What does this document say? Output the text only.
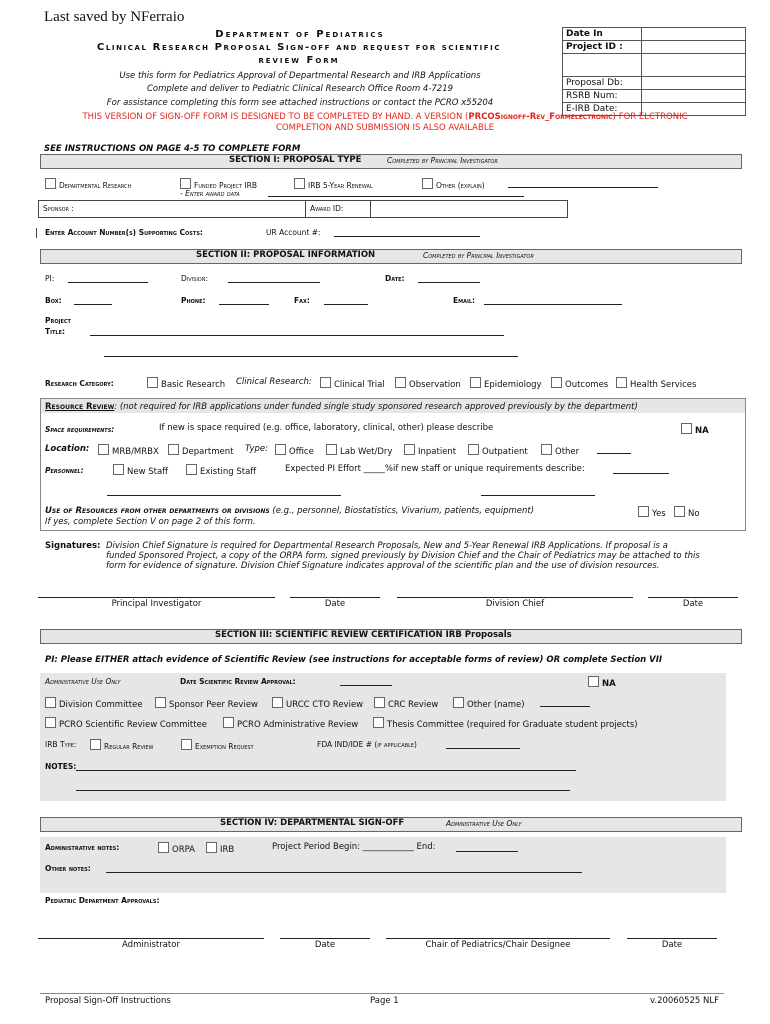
Last saved by NFerraio
Department of Pediatrics
Clinical Research Proposal Sign-off and request for scientific
review Form
Use this form for Pediatrics Approval of Departmental Research and IRB Applications
Complete and deliver to Pediatric Clinical Research Office Room 4-7219
For assistance completing this form see attached instructions or contact the PCRO x55204
Date In	
Project ID :	

Proposal Db:	
RSRB Num:	
E-IRB Date:	
THIS VERSION OF SIGN-OFF FORM IS DESIGNED TO BE COMPLETED BY HAND. A VERSION (PRCOSignoff-Rev_Formelectronic) FOR ELCTRONIC
COMPLETION AND SUBMISSION IS ALSO AVAILABLE
SEE INSTRUCTIONS ON PAGE 4-5 TO COMPLETE FORM
SECTION I: PROPOSAL TYPE	Completed by Principal Investigator
Departmental Research	Funded Project IRB
- Enter award data
IRB 5-Year Renewal	Other (explain)
Sponsor :	Award ID:
Enter Account Number(s) Supporting Costs:	UR Account #:
SECTION II: PROPOSAL INFORMATION	Completed by Principal Investigator
PI:	Division:	Date:
Box:	Phone:	Fax:	Email:
Project
Title:
Research Category:	Basic Research Clinical Research:	Clinical Trial	Observation	Epidemiology	Outcomes	Health Services
Resource Review: (not required for IRB applications under funded single study sponsored research approved previously by the department)
Space requirements:	If new is space required (e.g. office, laboratory, clinical, other) please describe	NA
Location:	MRB/MRBX	Department Type:	Office	Lab Wet/Dry	Inpatient	Outpatient	Other
Personnel:	New Staff	Existing Staff	Expected PI Effort _____%if new staff or unique requirements describe:
Use of Resources from other departments or divisions (e.g., personnel, Biostatistics, Vivarium, patients, equipment)
If yes, complete Section V on page 2 of this form.
Yes	No
Signatures: Division Chief Signature is required for Departmental Research Proposals, New and 5-Year Renewal IRB Applications. If proposal is a
funded Sponsored Project, a copy of the ORPA form, signed previously by Division Chief and the Chair of Pediatrics may be attached to this
form for evidence of signature. Division Chief Signature indicates approval of the scientific plan and the use of division resources.
Principal Investigator	Date	Division Chief	Date
SECTION III: SCIENTIFIC REVIEW CERTIFICATION IRB Proposals
PI: Please EITHER attach evidence of Scientific Review (see instructions for acceptable forms of review) OR complete Section VII
Administrative Use Only	Date Scientific Review Approval:	NA
Division Committee	Sponsor Peer Review	URCC CTO Review	CRC Review	Other (name)
PCRO Scientific Review Committee	PCRO Administrative Review	Thesis Committee (required for Graduate student projects)
IRB Type:	Regular Review	Exemption Request	FDA IND/IDE # (if applicable)
NOTES:
SECTION IV: DEPARTMENTAL SIGN-OFF	Administrative Use Only
Administrative notes:	ORPA	IRB	Project Period Begin: ____________ End:
Other notes:
Pediatric Department Approvals:
Administrator	Date	Chair of Pediatrics/Chair Designee	Date
Proposal Sign-Off Instructions	Page 1	v.20060525 NLF
